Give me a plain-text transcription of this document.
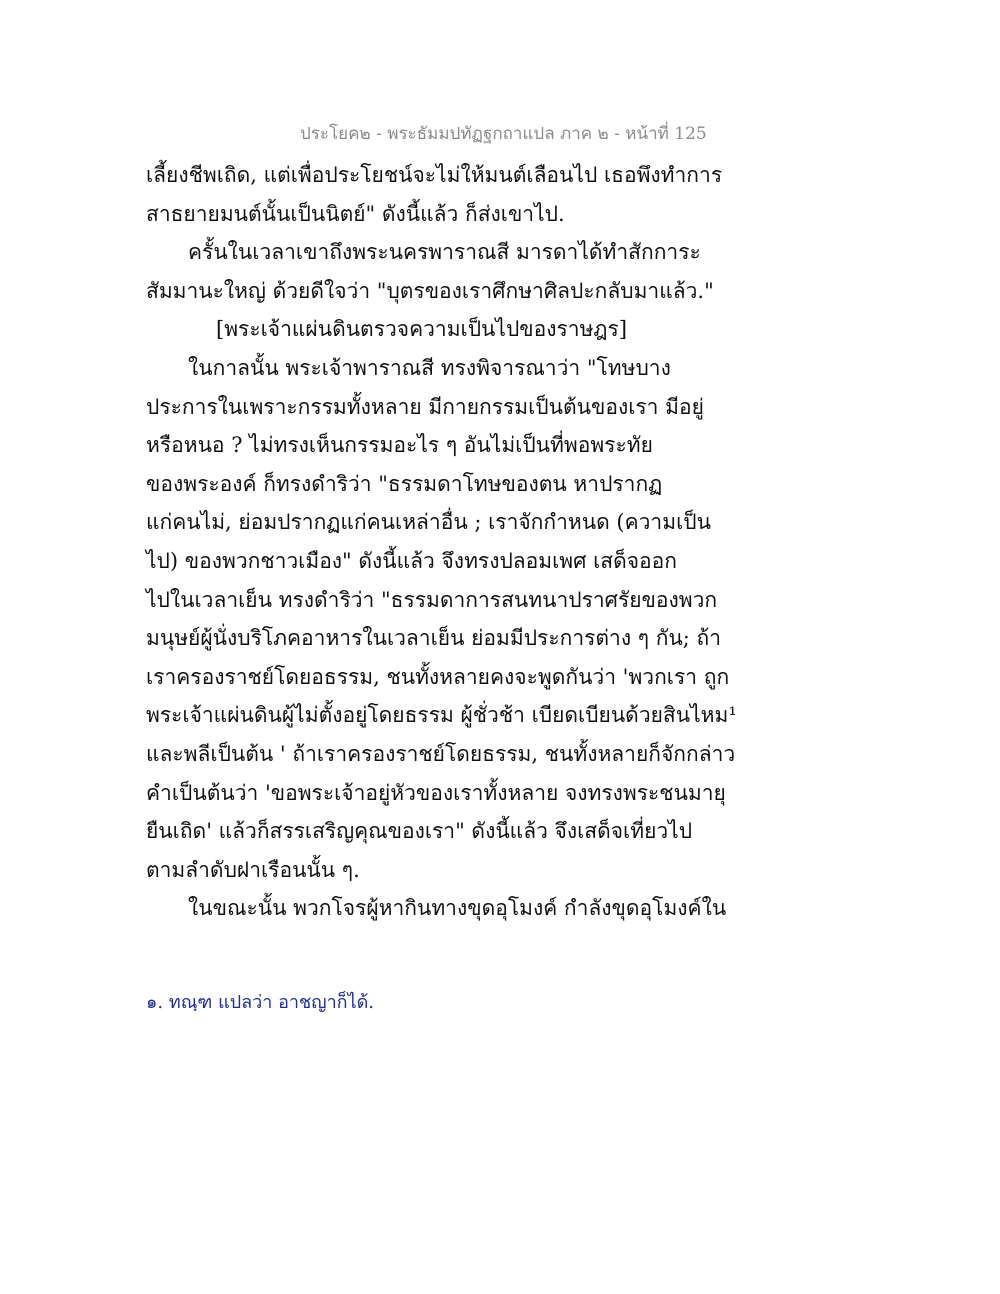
ประโยค๒ - พระธัมมปทัฏฐกถาแปล ภาค ๒ - หน้าที่ 125
เลี้ยงชีพเถิด, แต่เพื่อประโยชน์จะไม่ให้มนต์เลือนไป เธอพึงทำการ
สาธยายมนต์นั้นเป็นนิตย์" ดังนี้แล้ว ก็ส่งเขาไป.
ครั้นในเวลาเขาถึงพระนครพาราณสี มารดาได้ทำสักการะ
สัมมานะใหญ่ ด้วยดีใจว่า "บุตรของเราศึกษาศิลปะกลับมาแล้ว."
[พระเจ้าแผ่นดินตรวจความเป็นไปของราษฎร]
ในกาลนั้น พระเจ้าพาราณสี ทรงพิจารณาว่า "โทษบาง
ประการในเพราะกรรมทั้งหลาย มีกายกรรมเป็นต้นของเรา มีอยู่
หรือหนอ ? ไม่ทรงเห็นกรรมอะไร ๆ อันไม่เป็นที่พอพระทัย
ของพระองค์ ก็ทรงดำริว่า "ธรรมดาโทษของตน หาปรากฏ
แก่คนไม่, ย่อมปรากฏแก่คนเหล่าอื่น ; เราจักกำหนด (ความเป็น
ไป) ของพวกชาวเมือง" ดังนี้แล้ว จึงทรงปลอมเพศ เสด็จออก
ไปในเวลาเย็น ทรงดำริว่า "ธรรมดาการสนทนาปราศรัยของพวก
มนุษย์ผู้นั่งบริโภคอาหารในเวลาเย็น ย่อมมีประการต่าง ๆ กัน; ถ้า
เราครองราชย์โดยอธรรม, ชนทั้งหลายคงจะพูดกันว่า 'พวกเรา ถูก
พระเจ้าแผ่นดินผู้ไม่ตั้งอยู่โดยธรรม ผู้ชั่วช้า เบียดเบียนด้วยสินไหม¹
และพลีเป็นต้น ' ถ้าเราครองราชย์โดยธรรม, ชนทั้งหลายก็จักกล่าว
คำเป็นต้นว่า 'ขอพระเจ้าอยู่หัวของเราทั้งหลาย จงทรงพระชนมายุ
ยืนเถิด' แล้วก็สรรเสริญคุณของเรา" ดังนี้แล้ว จึงเสด็จเที่ยวไป
ตามลำดับฝาเรือนนั้น ๆ.
ในขณะนั้น พวกโจรผู้หากินทางขุดอุโมงค์ กำลังขุดอุโมงค์ใน
๑. ทณฺฑ แปลว่า อาชญาก็ได้.
